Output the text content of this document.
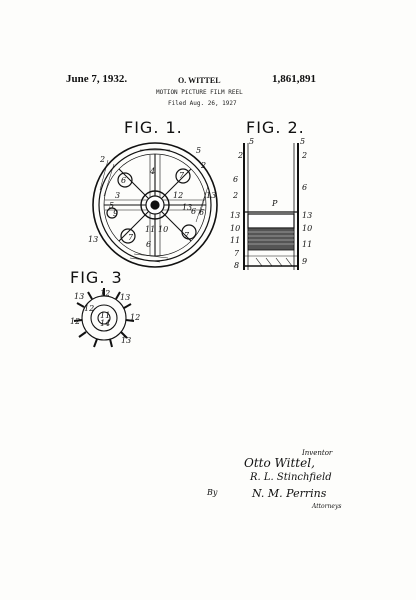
June 7, 1932.	O. WITTEL	1,861,891
MOTION PICTURE FILM REEL
Filed Aug. 26, 1927
FIG. 1.	FIG. 2.
FIG. 3
5
2
4	7
6
3
5
9
12
13
6 6
13
2
11 10
6
13	7
7
5	5
2	2
6
6
2
P
13	13
10	10
11	11
7
8	9
13 12 13
12
11
14
12
12
13
Inventor
Otto Wittel,
R. L. Stinchfield
By	N. M. Perrins
Attorneys
